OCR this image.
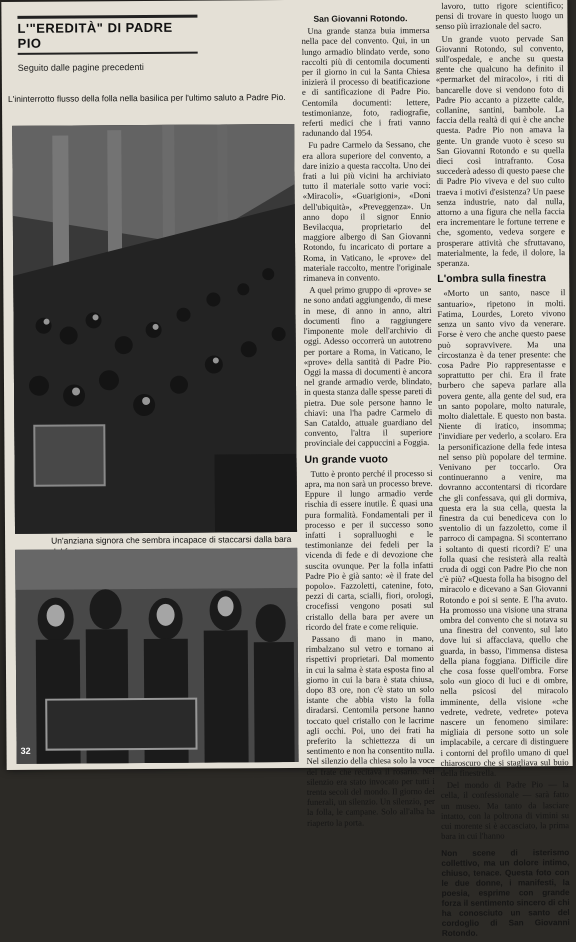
L'"EREDITÀ" DI PADRE PIO
Seguito dalle pagine precedenti
L'ininterrotto flusso della folla nella basilica per l'ultimo saluto a Padre Pio.
Un'anziana signora che sembra incapace di staccarsi dalla bara
32
San Giovanni Rotondo.

Una grande stanza buia immersa nella pace del convento. Qui, in un lungo armadio blindato verde, sono raccolti più di centomila documenti per il giorno in cui la Santa Chiesa inizierà il processo di beatificazione e di santificazione di Padre Pio. Centomila documenti: lettere, testimonianze, foto, radiografie, referti medici che i frati vanno radunando dal 1954.

Fu padre Carmelo da Sessano, che era allora superiore del convento, a dare inizio a questa raccolta. Uno dei frati a lui più vicini ha archiviato tutto il materiale sotto varie voci: «Miracoli», «Guarigioni», «Doni dell'ubiquità», «Preveggenza». Un anno dopo il signor Ennio Bevilacqua, proprietario del maggiore albergo di San Giovanni Rotondo, fu incaricato di portare a Roma, in Vaticano, le «prove» del materiale raccolto, mentre l'originale rimaneva in convento.

A quel primo gruppo di «prove» se ne sono andati aggiungendo, di mese in mese, di anno in anno, altri documenti fino a raggiungere l'imponente mole dell'archivio di oggi. Adesso occorrerà un autotreno per portare a Roma, in Vaticano, le «prove» della santità di Padre Pio. Oggi la massa di documenti è ancora nel grande armadio verde, blindato, in questa stanza dalle spesse pareti di pietra. Due sole persone hanno le chiavi: una l'ha padre Carmelo di San Cataldo, attuale guardiano del convento, l'altra il superiore provinciale dei cappuccini a Foggia.

Un grande vuoto

Tutto è pronto perché il processo si apra, ma non sarà un processo breve. Eppure il lungo armadio verde rischia di essere inutile. È quasi una pura formalità. Fondamentali per il processo e per il successo sono infatti i sopralluoghi e le testimonianze dei fedeli per la vicenda di fede e di devozione che suscita ovunque. Per la folla infatti Padre Pio è già santo: «è il frate del popolo». Fazzoletti, catenine, foto, pezzi di carta, scialli, fiori, orologi, crocefissi vengono posati sul cristallo della bara per avere un ricordo del frate e come reliquie.

Passano di mano in mano, rimbalzano sul vetro e tornano ai rispettivi proprietari. Dal momento in cui la salma è stata esposta fino al giorno in cui la bara è stata chiusa, dopo 83 ore, non c'è stato un solo istante che abbia visto la folla diradarsi. Centomila persone hanno toccato quel cristallo con le lacrime agli occhi. Poi, uno dei frati ha preferito la schiettezza di un sentimento e non ha consentito nulla. Nel silenzio della chiesa solo la voce del frate che recitava il rosario. Nel silenzio era stato invocato per tutti i trenta secoli del mondo. Il giorno dei funerali, un silenzio. Un silenzio, per la folla, le campane. Solo all'alba ha riaperto la porta.

lavoro, tutto rigore scientifico; pensi di trovare in questo luogo un senso più irrazionale del sacro.

Un grande vuoto pervade San Giovanni Rotondo, sul convento, sull'ospedale, e anche su questa gente che qualcuno ha definito il «permarket del miracolo», i riti di bancarelle dove si vendono foto di Padre Pio accanto a pizzette calde, collanine, santini, bambole. La faccia della realtà di qui è che anche questa. Padre Pio non amava la gente. Un grande vuoto è sceso su San Giovanni Rotondo e su quella dieci così intrafranto. Cosa succederà adesso di questo paese che di Padre Pio viveva e del suo culto traeva i motivi d'esistenza? Un paese senza industrie, nato dal nulla, attorno a una figura che nella faccia era incrementare le fortune terrene e che, sgomento, vedeva sorgere e prosperare attività che sfruttavano, materialmente, la fede, il dolore, la speranza.

L'ombra sulla finestra

«Morto un santo, nasce il santuario», ripetono in molti. Fatima, Lourdes, Loreto vivono senza un santo vivo da venerare. Forse è vero che anche questo paese può sopravvivere. Ma una circostanza è da tener presente: che cosa Padre Pio rappresentasse e soprattutto per chi. Era il frate burbero che sapeva parlare alla povera gente, alla gente del sud, era un santo popolare, molto naturale, molto dialettale. E questo non basta. Niente di iratico, insomma; l'invidiare per vederlo, a scolaro. Era la personificazione della fede intesa nel senso più popolare del termine. Venivano per toccarlo. Ora continueranno a venire, ma dovranno accontentarsi di ricordare che gli confessava, qui gli dormiva, questa era la sua cella, questa la finestra da cui benediceva con lo sventolio di un fazzoletto, come il parroco di campagna. Si sconterrano i soltanto di questi ricordi? E' una folla quasi che resisterà alla realtà cruda di oggi con Padre Pio che non c'è più? «Questa folla ha bisogno del miracolo e dicevano a San Giovanni Rotondo e poi si sente. E l'ha avuto. Ha promosso una visione una strana ombra del convento che si notava su una finestra del convento, sul lato dove lui si affacciava, quello che guarda, in basso, l'immensa distesa della piana foggiana. Difficile dire che cosa fosse quell'ombra. Forse solo «un gioco di luci e di ombre, nella psicosi del miracolo imminente, della visione «che vedrete, vedrete, vedrete» poteva nascere un fenomeno similare: migliaia di persone sotto un sole implacabile, a cercare di distinguere i contorni del profilo umano di quel chiaroscuro che si stagliava sul buio della finestrella.

Del mondo di Padre Pio — la cella, il confessionale — sarà fatto un museo. Ma tanto da lasciare intatto, con la poltrona di vimini su cui morente si è accasciato, la prima bara in cui l'hanno

Non scene di isterismo collettivo, ma un dolore intimo, chiuso, tenace. Questa foto con le due donne, i manifesti, la poesia, esprime con grande forza il sentimento sincero di chi ha conosciuto un santo del cordoglio di San Giovanni Rotondo.
